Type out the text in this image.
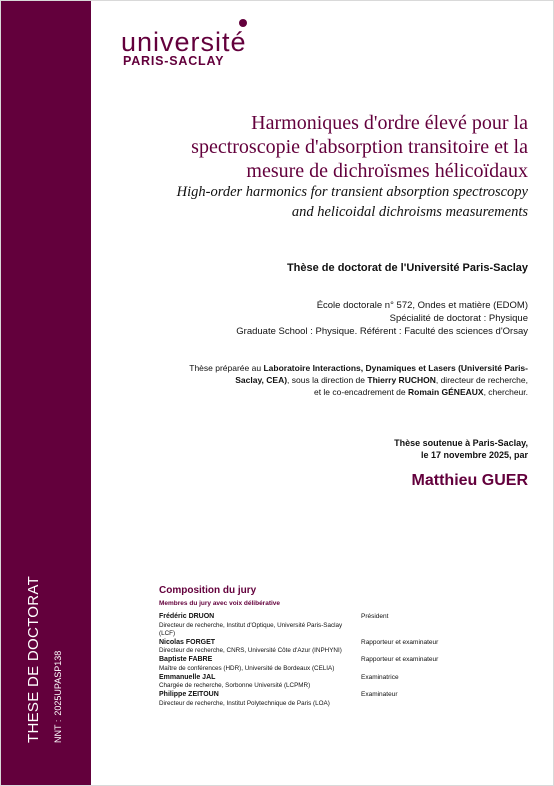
THESE DE DOCTORAT NNT :2025UPASP138
université
PARIS-SACLAY
Harmoniques d'ordre élevé pour la
spectroscopie d'absorption transitoire et la
mesure de dichroïsmes hélicoïdaux
High-order harmonics for transient absorption spectroscopy
and helicoidal dichroisms measurements
Thèse de doctorat de l'Université Paris-Saclay
École doctorale n° 572, Ondes et matière (EDOM)
Spécialité de doctorat : Physique
Graduate School : Physique. Référent : Faculté des sciences d'Orsay
Thèse préparée au Laboratoire Interactions, Dynamiques et Lasers (Université Paris-Saclay, CEA), sous la direction de Thierry RUCHON, directeur de recherche,
et le co-encadrement de Romain GÉNEAUX, chercheur.
Thèse soutenue à Paris-Saclay,
le 17 novembre 2025, par
Matthieu GUER
Composition du jury
Membres du jury avec voix délibérative
Frédéric DRUON
Directeur de recherche, Institut d'Optique, Université Paris-Saclay (LCF)
Président
Nicolas FORGET
Directeur de recherche, CNRS, Université Côte d'Azur (INPHYNI)
Rapporteur et examinateur
Baptiste FABRE
Maître de conférences (HDR), Université de Bordeaux (CELIA)
Rapporteur et examinateur
Emmanuelle JAL
Chargée de recherche, Sorbonne Université (LCPMR)
Examinatrice
Philippe ZEITOUN
Directeur de recherche, Institut Polytechnique de Paris (LOA)
Examinateur
